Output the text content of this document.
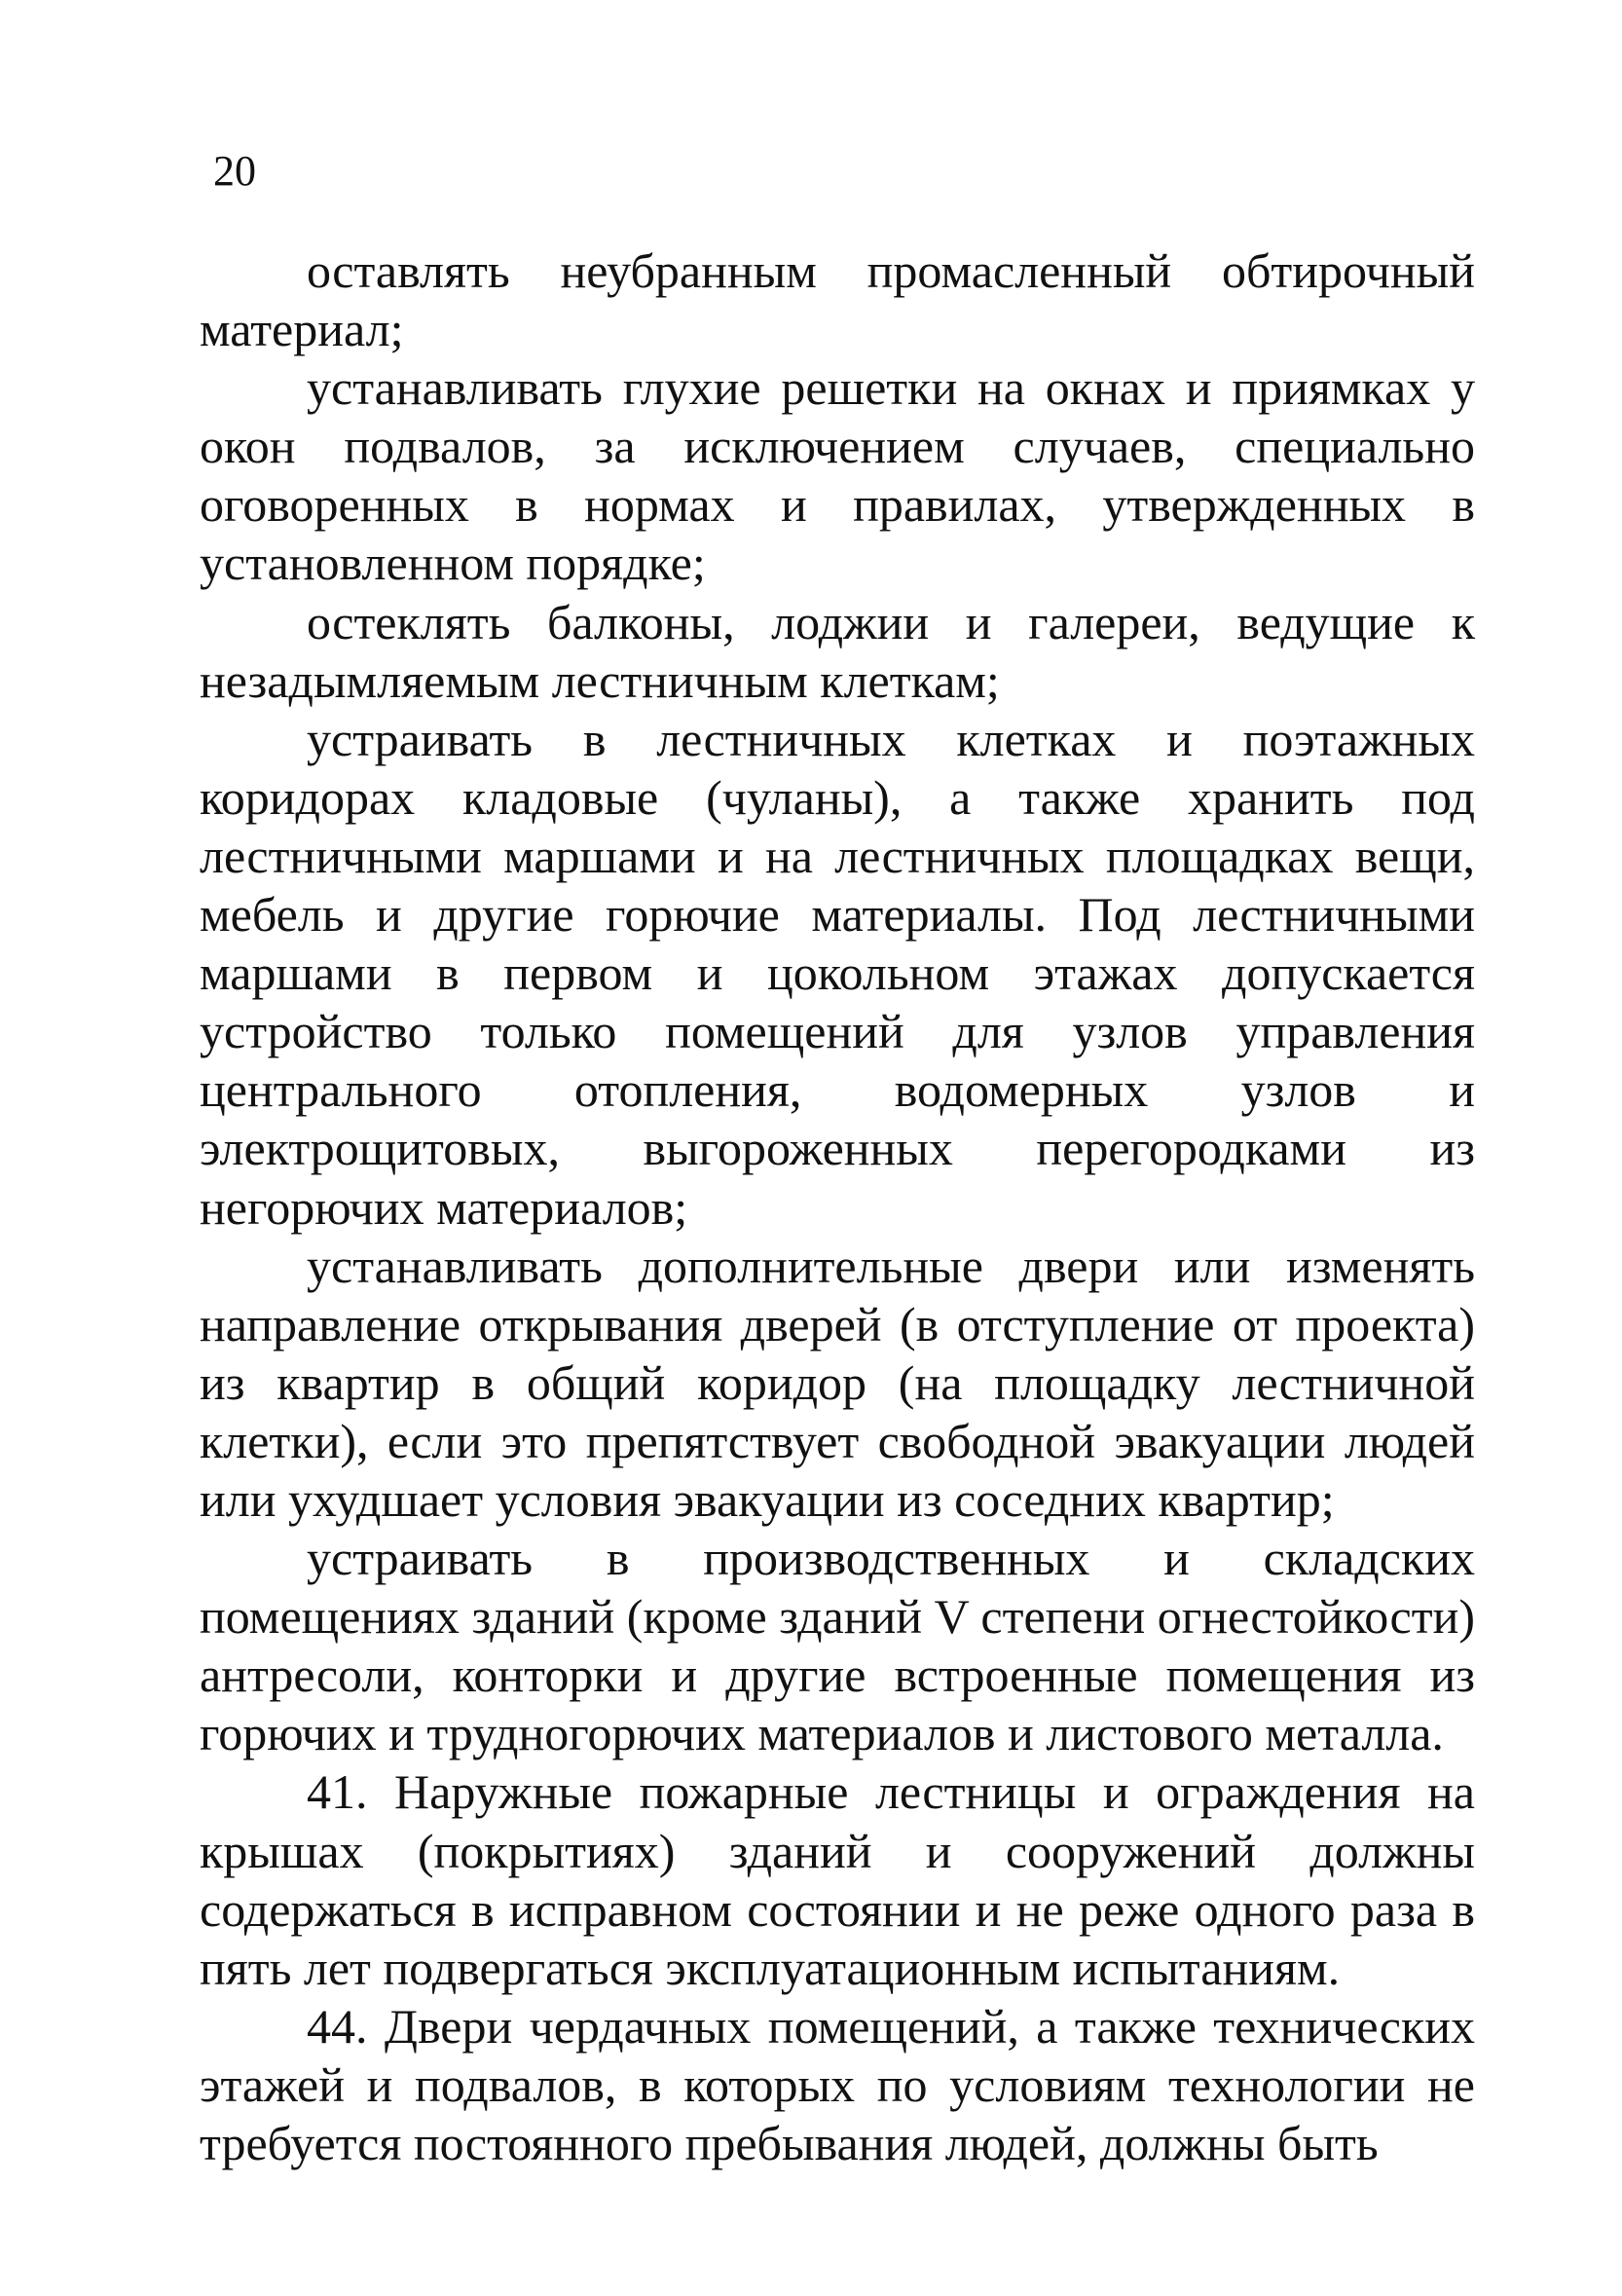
20

оставлять неубранным промасленный обтирочный материал;

устанавливать глухие решетки на окнах и приямках у окон подвалов, за исключением случаев, специально оговоренных в нормах и правилах, утвержденных в установленном порядке;

остеклять балконы, лоджии и галереи, ведущие к незадымляемым лестничным клеткам;

устраивать в лестничных клетках и поэтажных коридорах кладовые (чуланы), а также хранить под лестничными маршами и на лестничных площадках вещи, мебель и другие горючие материалы. Под лестничными маршами в первом и цокольном этажах допускается устройство только помещений для узлов управления центрального отопления, водомерных узлов и электрощитовых, выгороженных перегородками из негорючих материалов;

устанавливать дополнительные двери или изменять направление открывания дверей (в отступление от проекта) из квартир в общий коридор (на площадку лестничной клетки), если это препятствует свободной эвакуации людей или ухудшает условия эвакуации из соседних квартир;

устраивать в производственных и складских помещениях зданий (кроме зданий V степени огнестойкости) антресоли, конторки и другие встроенные помещения из горючих и трудногорючих материалов и листового металла.

41. Наружные пожарные лестницы и ограждения на крышах (покрытиях) зданий и сооружений должны содержаться в исправном состоянии и не реже одного раза в пять лет подвергаться эксплуатационным испытаниям.

44. Двери чердачных помещений, а также технических этажей и подвалов, в которых по условиям технологии не требуется постоянного пребывания людей, должны быть
